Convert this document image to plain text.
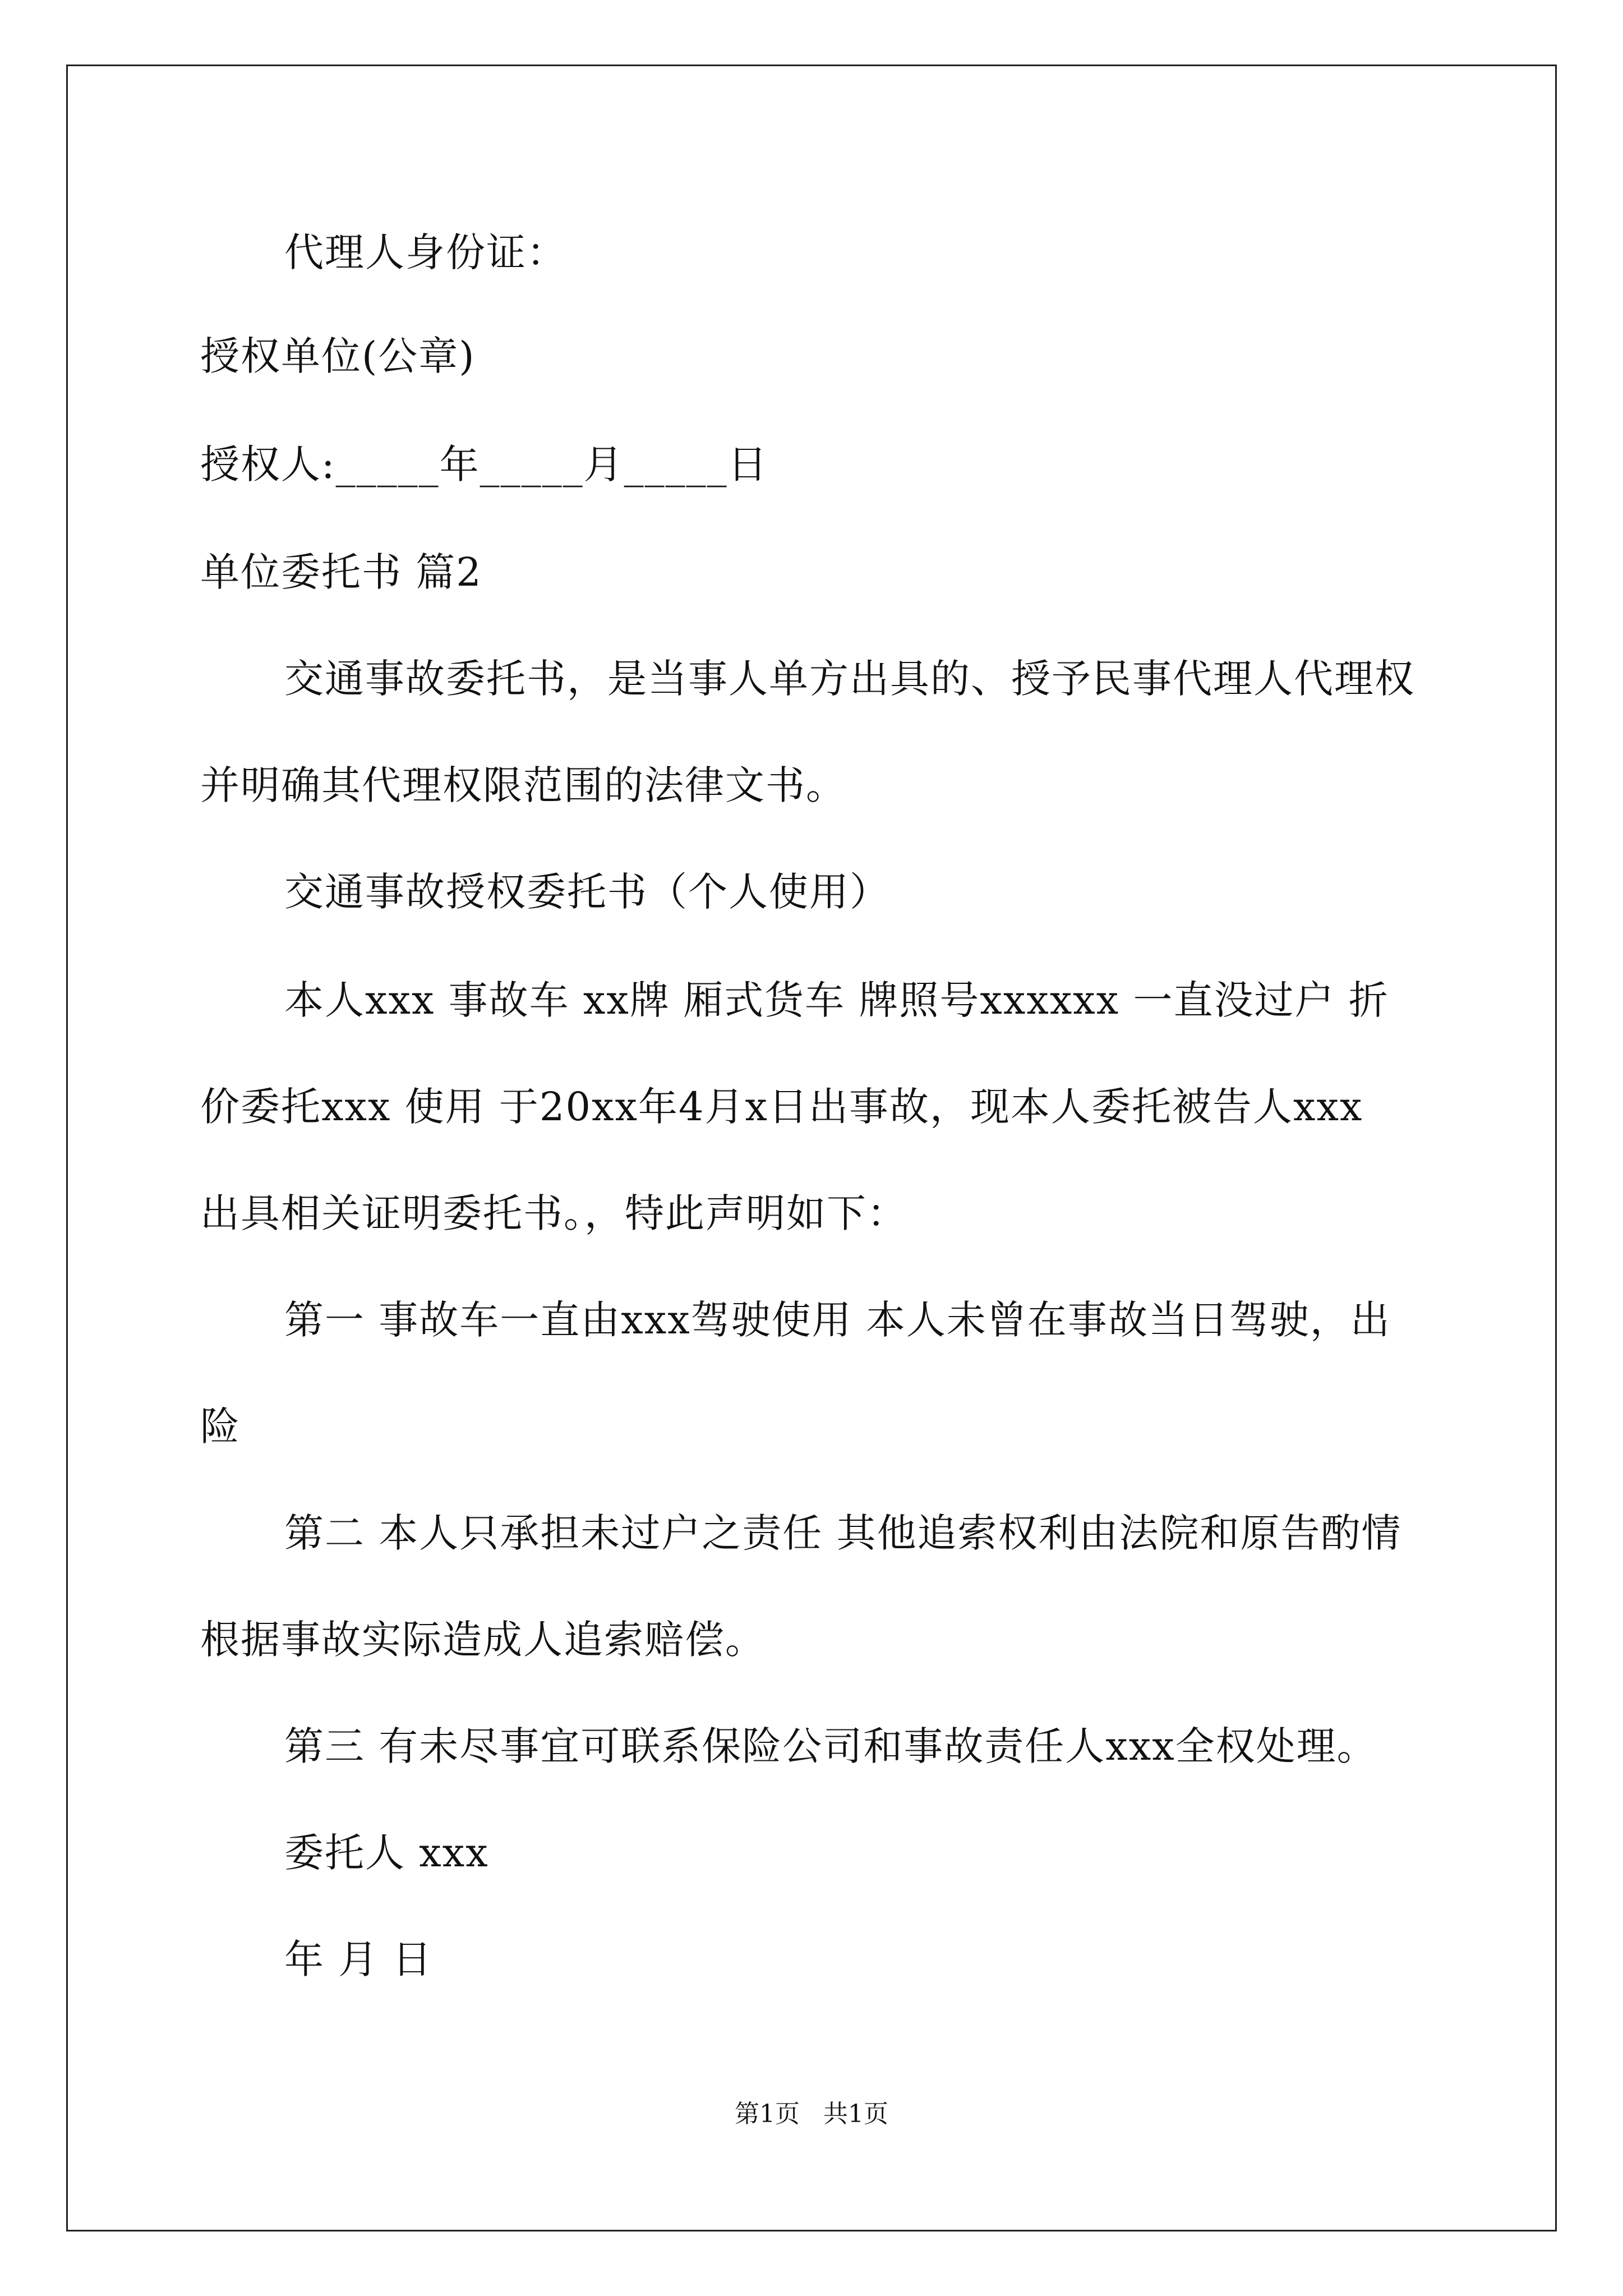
代理人身份证：
授权单位(公章)
授权人:_____年_____月_____日
单位委托书 篇2
交通事故委托书，是当事人单方出具的、授予民事代理人代理权
并明确其代理权限范围的法律文书。
交通事故授权委托书（个人使用）
本人xxx 事故车 xx牌 厢式货车 牌照号xxxxxx 一直没过户 折
价委托xxx 使用 于20xx年4月x日出事故，现本人委托被告人xxx
出具相关证明委托书。，特此声明如下：
第一 事故车一直由xxx驾驶使用 本人未曾在事故当日驾驶，出
险
第二 本人只承担未过户之责任 其他追索权利由法院和原告酌情
根据事故实际造成人追索赔偿。
第三 有未尽事宜可联系保险公司和事故责任人xxx全权处理。
委托人 xxx
年 月 日
第1页   共1页
